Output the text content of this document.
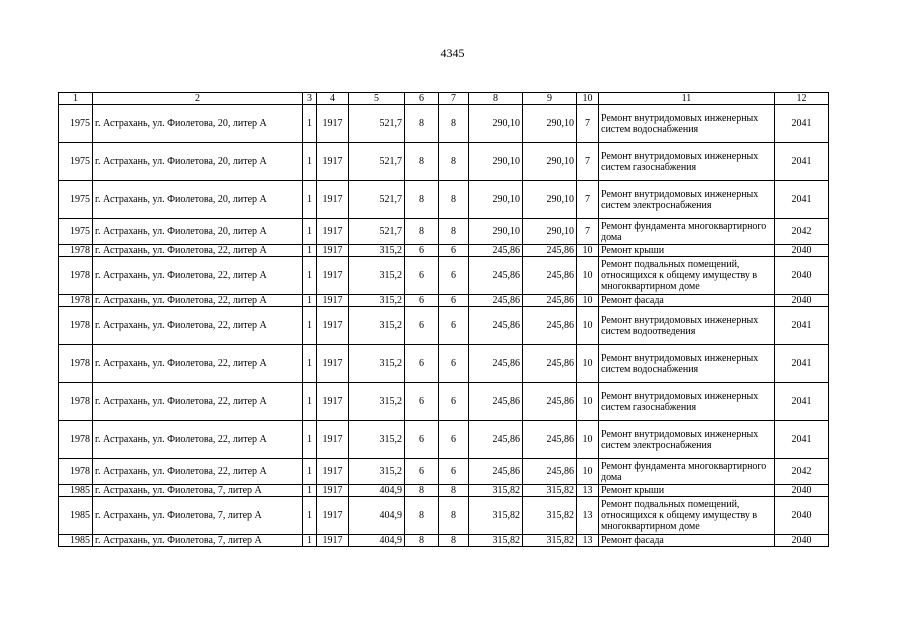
4345
1	2	3	4	5	6	7	8	9	10	11	12
1975	г. Астрахань, ул. Фиолетова, 20, литер А	1	1917	521,7	8	8	290,10	290,10	7	Ремонт внутридомовых инженерных систем водоснабжения	2041
1975	г. Астрахань, ул. Фиолетова, 20, литер А	1	1917	521,7	8	8	290,10	290,10	7	Ремонт внутридомовых инженерных систем газоснабжения	2041
1975	г. Астрахань, ул. Фиолетова, 20, литер А	1	1917	521,7	8	8	290,10	290,10	7	Ремонт внутридомовых инженерных систем электроснабжения	2041
1975	г. Астрахань, ул. Фиолетова, 20, литер А	1	1917	521,7	8	8	290,10	290,10	7	Ремонт фундамента многоквартирного дома	2042
1978	г. Астрахань, ул. Фиолетова, 22, литер А	1	1917	315,2	6	6	245,86	245,86	10	Ремонт крыши	2040
1978	г. Астрахань, ул. Фиолетова, 22, литер А	1	1917	315,2	6	6	245,86	245,86	10	Ремонт подвальных помещений, относящихся к общему имуществу в многоквартирном доме	2040
1978	г. Астрахань, ул. Фиолетова, 22, литер А	1	1917	315,2	6	6	245,86	245,86	10	Ремонт фасада	2040
1978	г. Астрахань, ул. Фиолетова, 22, литер А	1	1917	315,2	6	6	245,86	245,86	10	Ремонт внутридомовых инженерных систем водоотведения	2041
1978	г. Астрахань, ул. Фиолетова, 22, литер А	1	1917	315,2	6	6	245,86	245,86	10	Ремонт внутридомовых инженерных систем водоснабжения	2041
1978	г. Астрахань, ул. Фиолетова, 22, литер А	1	1917	315,2	6	6	245,86	245,86	10	Ремонт внутридомовых инженерных систем газоснабжения	2041
1978	г. Астрахань, ул. Фиолетова, 22, литер А	1	1917	315,2	6	6	245,86	245,86	10	Ремонт внутридомовых инженерных систем электроснабжения	2041
1978	г. Астрахань, ул. Фиолетова, 22, литер А	1	1917	315,2	6	6	245,86	245,86	10	Ремонт фундамента многоквартирного дома	2042
1985	г. Астрахань, ул. Фиолетова, 7, литер А	1	1917	404,9	8	8	315,82	315,82	13	Ремонт крыши	2040
1985	г. Астрахань, ул. Фиолетова, 7, литер А	1	1917	404,9	8	8	315,82	315,82	13	Ремонт подвальных помещений, относящихся к общему имуществу в многоквартирном доме	2040
1985	г. Астрахань, ул. Фиолетова, 7, литер А	1	1917	404,9	8	8	315,82	315,82	13	Ремонт фасада	2040
